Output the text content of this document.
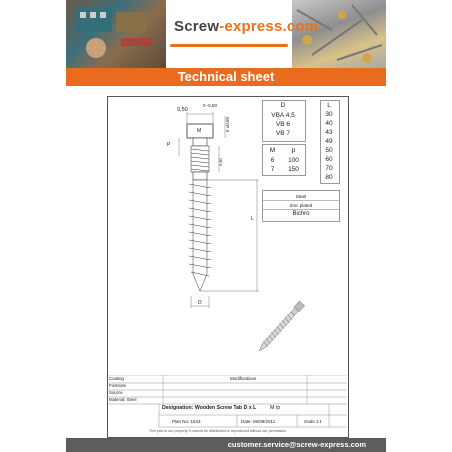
Screw-express.com
Technical sheet
9,50
0 -0,50
6 ±0,50
M
P
5,80
L
D
D
VBA 4,5
VB 6
VB 7
M	p
6	100
7	150
L
30
40
43
49
50
60
70
80
Steel
Zinc plated
Bichro
Coating
Footnote
Source
Material: Steel
Modifications
Designation: Wooden Screw Tab D x L	M /p
Plan No: 1643	Date: 06/09/2011	Scale 1:1
This plan is our property. It cannot be distributed or reproduced without our permission
customer.service@screw-express.com
